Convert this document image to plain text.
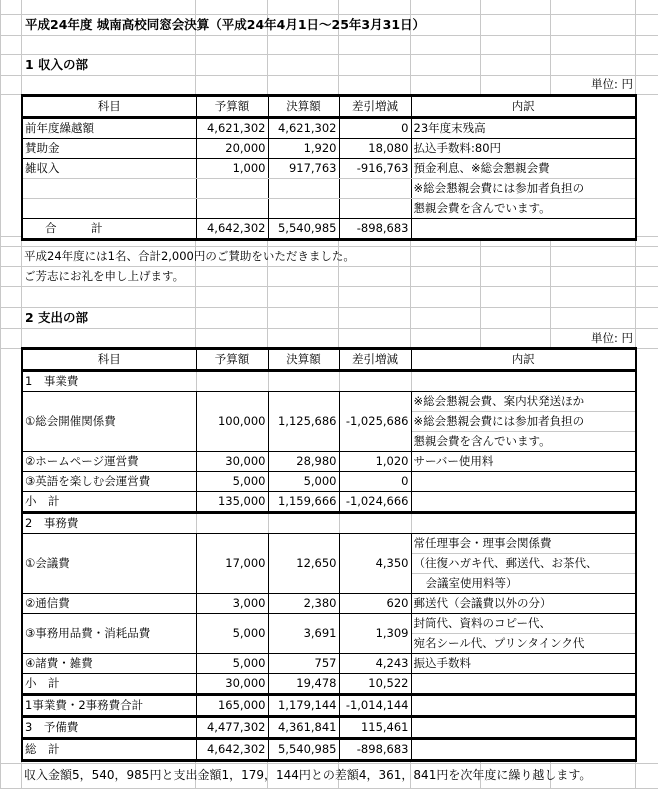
平成24年度 城南高校同窓会決算（平成24年4月1日～25年3月31日）
1 収入の部
単位: 円
科目	予算額	決算額	差引増減	内訳
前年度繰越額	4,621,302	4,621,302	0	23年度末残高
賛助金	20,000	1,920	18,080	払込手数料:80円
雑収入	1,000	917,763	-916,763	預金利息、※総会懇親会費
				※総会懇親会費には参加者負担の
				懇親会費を含んでいます。
合　　　計	4,642,302	5,540,985	-898,683	
平成24年度には1名、合計2,000円のご賛助をいただきました。
ご芳志にお礼を申し上げます。
2 支出の部
単位: 円
科目	予算額	決算額	差引増減	内訳
1　事業費				
①総会開催関係費	100,000	1,125,686	-1,025,686	※総会懇親会費、案内状発送ほか
				※総会懇親会費には参加者負担の
				懇親会費を含んでいます。
②ホームページ運営費	30,000	28,980	1,020	サーバー使用料
③英語を楽しむ会運営費	5,000	5,000	0	
小　計	135,000	1,159,666	-1,024,666	
2　事務費				
①会議費	17,000	12,650	4,350	常任理事会・理事会関係費
				（往復ハガキ代、郵送代、お茶代、
				会議室使用料等）
②通信費	3,000	2,380	620	郵送代（会議費以外の分）
③事務用品費・消耗品費	5,000	3,691	1,309	封筒代、資料のコピー代、
				宛名シール代、プリンタインク代
④諸費・雑費	5,000	757	4,243	振込手数料
小　計	30,000	19,478	10,522	
1事業費・2事務費合計	165,000	1,179,144	-1,014,144	
3　予備費	4,477,302	4,361,841	115,461	
総　計	4,642,302	5,540,985	-898,683	
収入金額5，540，985円と支出金額1，179，144円との差額4，361，841円を次年度に繰り越します。
